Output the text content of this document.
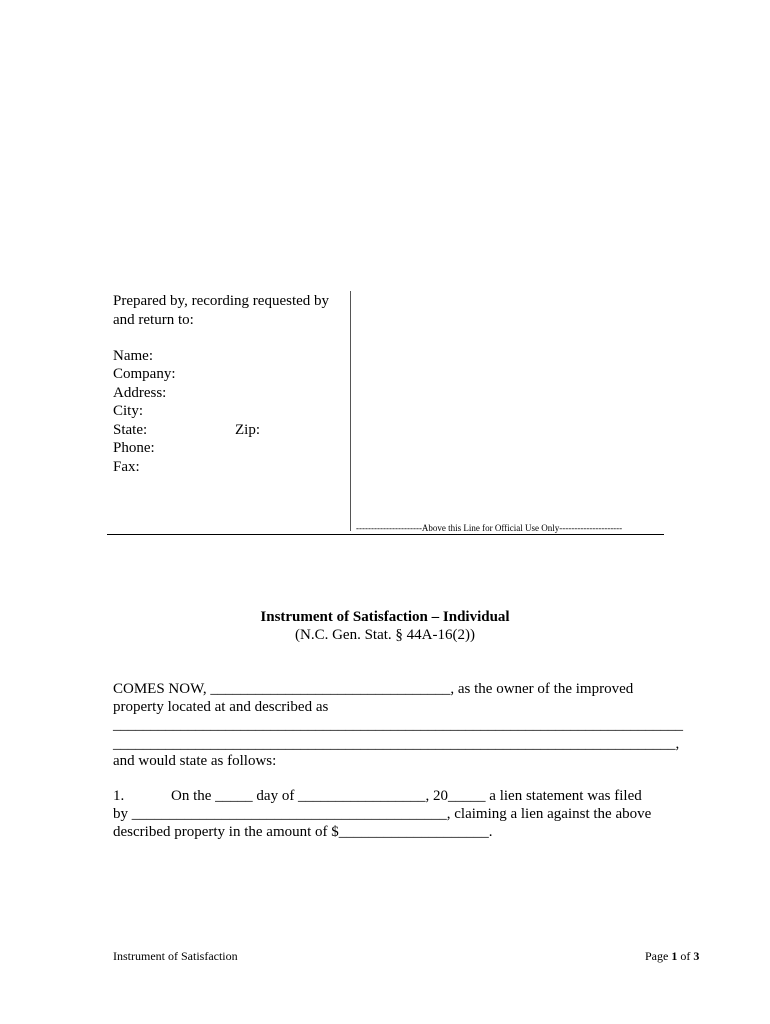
Prepared by, recording requested by
and return to:
Name:
Company:
Address:
City:
State:	Zip:
Phone:
Fax:
----------------------Above this Line for Official Use Only---------------------
Instrument of Satisfaction – Individual
(N.C. Gen. Stat. § 44A-16(2))
COMES NOW, ________________________________, as the owner of the improved
property located at and described as
____________________________________________________________________________
___________________________________________________________________________,
and would state as follows:
1.	On the _____ day of _________________, 20_____ a lien statement was filed
by __________________________________________, claiming a lien against the above
described property in the amount of $____________________.
Instrument of Satisfaction	Page 1 of 3
